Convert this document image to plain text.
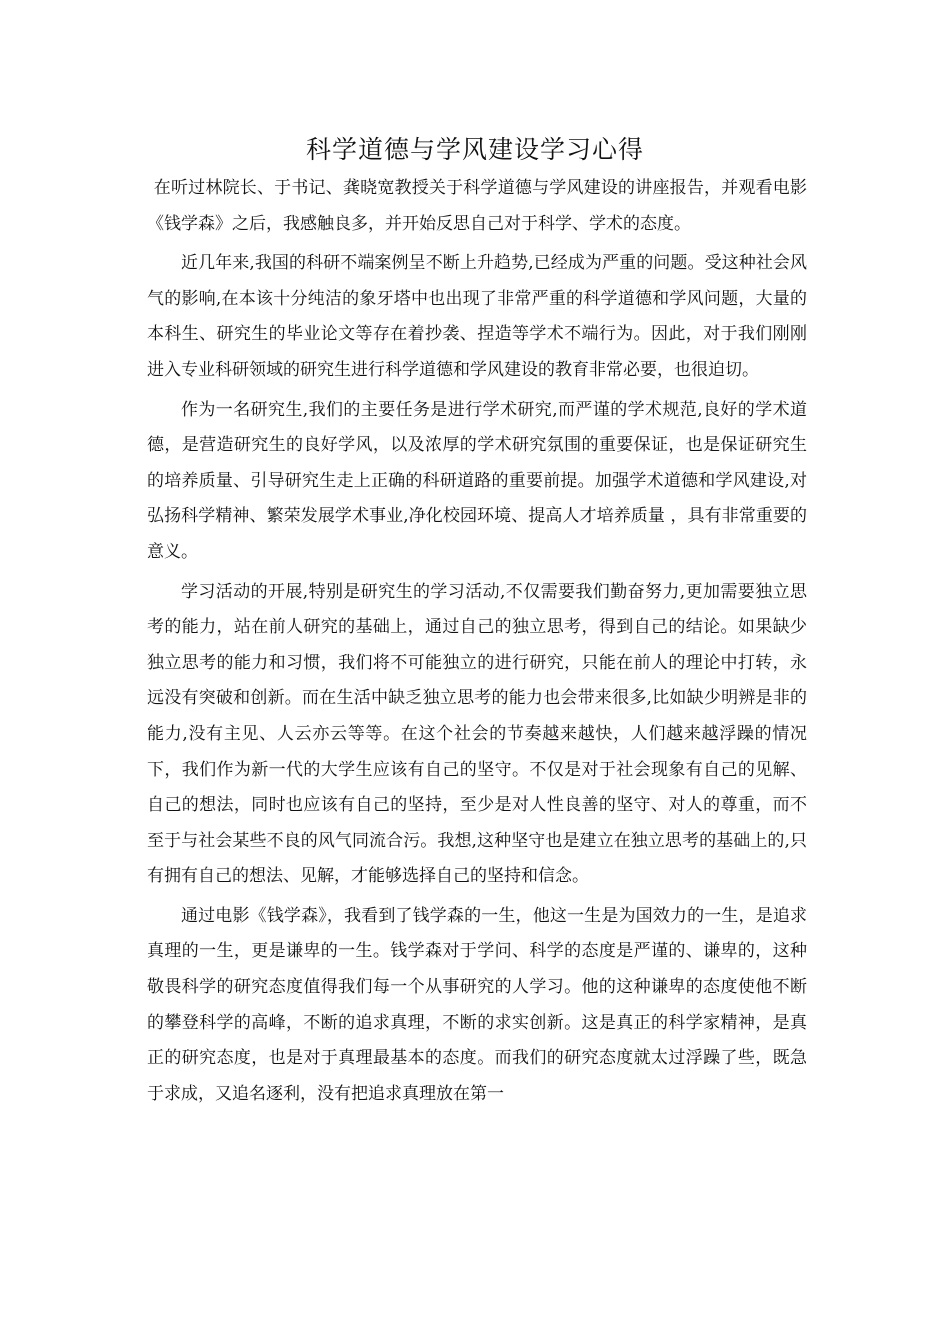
科学道德与学风建设学习心得

在听过林院长、于书记、龚晓宽教授关于科学道德与学风建设的讲座报告，并观看电影《钱学森》之后，我感触良多，并开始反思自己对于科学、学术的态度。

近几年来,我国的科研不端案例呈不断上升趋势,已经成为严重的问题。受这种社会风气的影响,在本该十分纯洁的象牙塔中也出现了非常严重的科学道德和学风问题，大量的本科生、研究生的毕业论文等存在着抄袭、捏造等学术不端行为。因此，对于我们刚刚进入专业科研领域的研究生进行科学道德和学风建设的教育非常必要，也很迫切。

作为一名研究生,我们的主要任务是进行学术研究,而严谨的学术规范,良好的学术道德，是营造研究生的良好学风，以及浓厚的学术研究氛围的重要保证，也是保证研究生的培养质量、引导研究生走上正确的科研道路的重要前提。加强学术道德和学风建设,对弘扬科学精神、繁荣发展学术事业,净化校园环境、提高人才培养质量 ，具有非常重要的意义。

学习活动的开展,特别是研究生的学习活动,不仅需要我们勤奋努力,更加需要独立思考的能力，站在前人研究的基础上，通过自己的独立思考，得到自己的结论。如果缺少独立思考的能力和习惯，我们将不可能独立的进行研究，只能在前人的理论中打转，永远没有突破和创新。而在生活中缺乏独立思考的能力也会带来很多,比如缺少明辨是非的能力,没有主见、人云亦云等等。在这个社会的节奏越来越快，人们越来越浮躁的情况下，我们作为新一代的大学生应该有自己的坚守。不仅是对于社会现象有自己的见解、自己的想法，同时也应该有自己的坚持，至少是对人性良善的坚守、对人的尊重，而不至于与社会某些不良的风气同流合污。我想,这种坚守也是建立在独立思考的基础上的,只有拥有自己的想法、见解，才能够选择自己的坚持和信念。

通过电影《钱学森》，我看到了钱学森的一生，他这一生是为国效力的一生，是追求真理的一生，更是谦卑的一生。钱学森对于学问、科学的态度是严谨的、谦卑的，这种敬畏科学的研究态度值得我们每一个从事研究的人学习。他的这种谦卑的态度使他不断的攀登科学的高峰，不断的追求真理，不断的求实创新。这是真正的科学家精神，是真正的研究态度，也是对于真理最基本的态度。而我们的研究态度就太过浮躁了些，既急于求成，又追名逐利，没有把追求真理放在第一
